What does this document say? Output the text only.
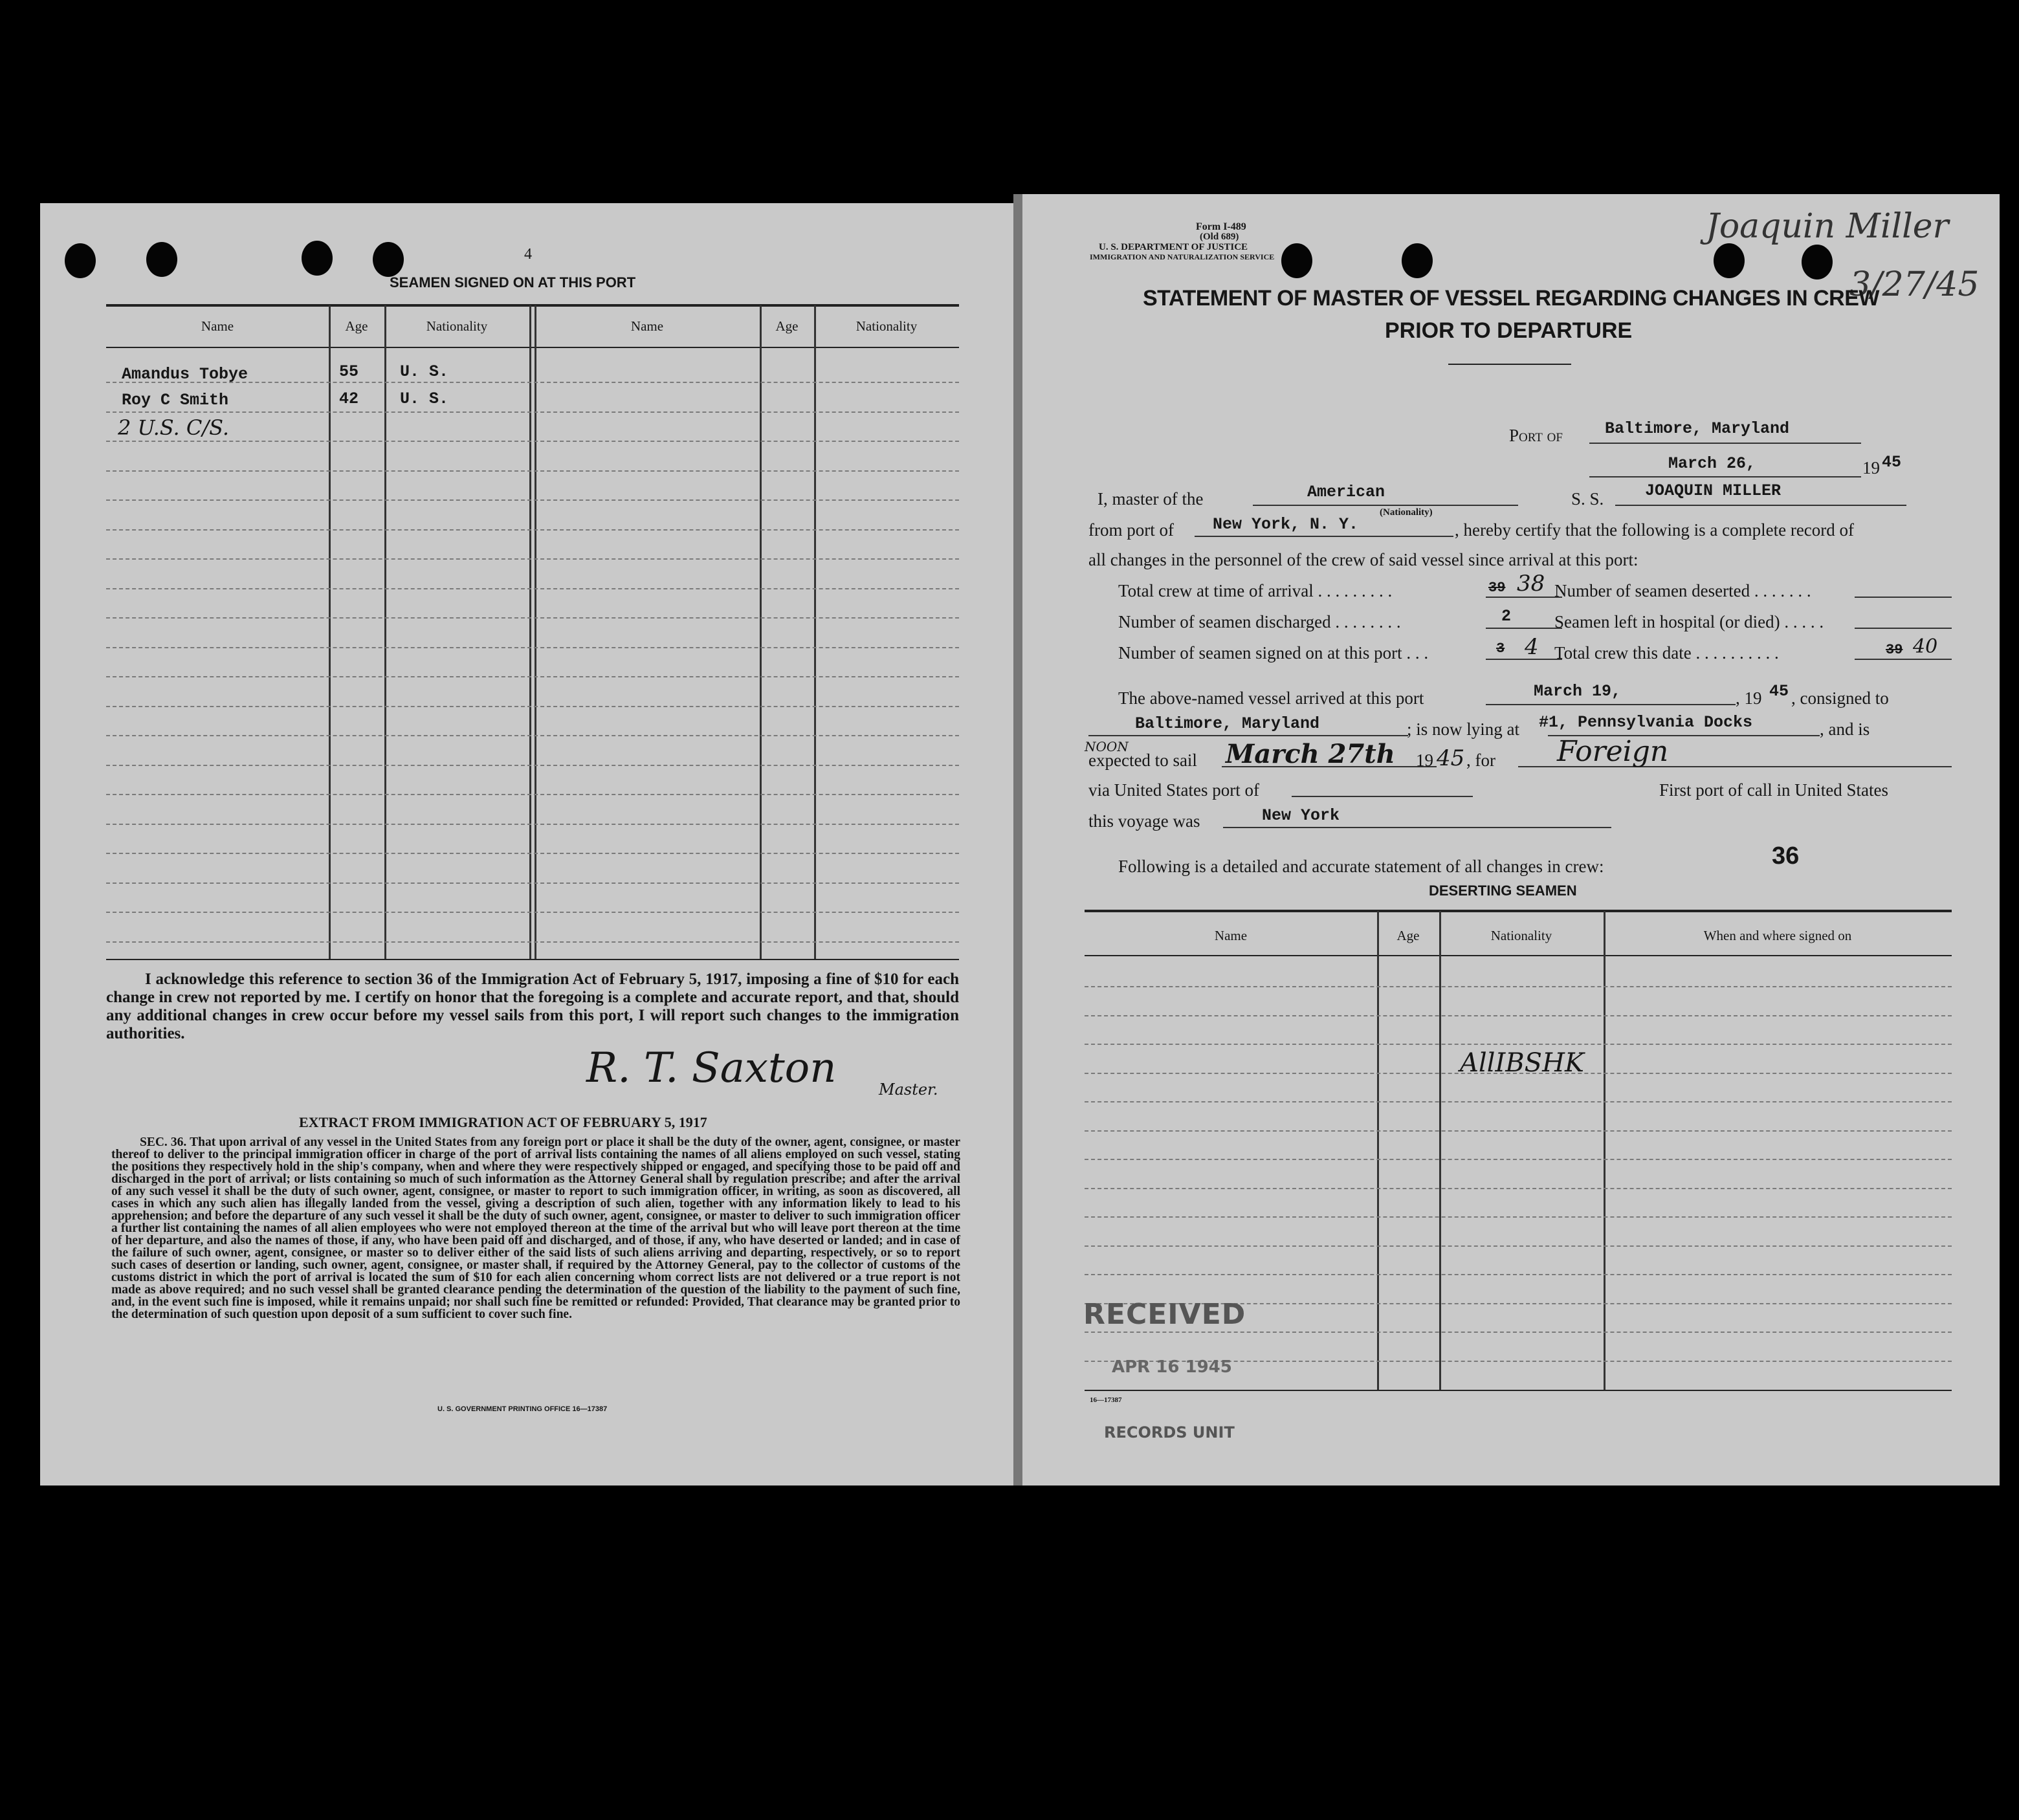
4
SEAMEN SIGNED ON AT THIS PORT
Name	Age	Nationality	Name	Age	Nationality
Amandus Tobye	55	U. S.
Roy C Smith	42	U. S.
2 U.S. C/S.
I acknowledge this reference to section 36 of the Immigration Act of February 5, 1917, imposing a fine of $10 for each change in crew not reported by me. I certify on honor that the foregoing is a complete and accurate report, and that, should any additional changes in crew occur before my vessel sails from this port, I will report such changes to the immigration authorities.
R. T. Saxton	Master.
EXTRACT FROM IMMIGRATION ACT OF FEBRUARY 5, 1917
SEC. 36. That upon arrival of any vessel in the United States from any foreign port or place it shall be the duty of the owner, agent, consignee, or master thereof to deliver to the principal immigration officer in charge of the port of arrival lists containing the names of all aliens employed on such vessel, stating the positions they respectively hold in the ship's company, when and where they were respectively shipped or engaged, and specifying those to be paid off and discharged in the port of arrival; or lists containing so much of such information as the Attorney General shall by regulation prescribe; and after the arrival of any such vessel it shall be the duty of such owner, agent, consignee, or master to report to such immigration officer, in writing, as soon as discovered, all cases in which any such alien has illegally landed from the vessel, giving a description of such alien, together with any information likely to lead to his apprehension; and before the departure of any such vessel it shall be the duty of such owner, agent, consignee, or master to deliver to such immigration officer a further list containing the names of all alien employees who were not employed thereon at the time of the arrival but who will leave port thereon at the time of her departure, and also the names of those, if any, who have been paid off and discharged, and of those, if any, who have deserted or landed; and in case of the failure of such owner, agent, consignee, or master so to deliver either of the said lists of such aliens arriving and departing, respectively, or so to report such cases of desertion or landing, such owner, agent, consignee, or master shall, if required by the Attorney General, pay to the collector of customs of the customs district in which the port of arrival is located the sum of $10 for each alien concerning whom correct lists are not delivered or a true report is not made as above required; and no such vessel shall be granted clearance pending the determination of the question of the liability to the payment of such fine, and, in the event such fine is imposed, while it remains unpaid; nor shall such fine be remitted or refunded: Provided, That clearance may be granted prior to the determination of such question upon deposit of a sum sufficient to cover such fine.
U. S. GOVERNMENT PRINTING OFFICE 16—17387
Form I-489
(Old 689)
U. S. DEPARTMENT OF JUSTICE
IMMIGRATION AND NATURALIZATION SERVICE
Joaquin Miller
3/27/45
STATEMENT OF MASTER OF VESSEL REGARDING CHANGES IN CREW
PRIOR TO DEPARTURE
Port of	Baltimore, Maryland
March 26,	19 45
I, master of the	American
(Nationality)
S. S.	JOAQUIN MILLER
from port of New York, N. Y.	, hereby certify that the following is a complete record of
all changes in the personnel of the crew of said vessel since arrival at this port:
Total crew at time of arrival . . . . . . . . .	39 38 Number of seamen deserted . . . . . . .
Number of seamen discharged . . . . . . . .	2 Seamen left in hospital (or died) . . . . .
Number of seamen signed on at this port . . .	3 4 Total crew this date . . . . . . . . . .	39 40
The above-named vessel arrived at this port	March 19,	, 19 45 , consigned to
Baltimore, Maryland	; is now lying at #1, Pennsylvania Docks	, and is
NOON
expected to sail March 27th 19 45 , for Foreign
via United States port of	First port of call in United States
this voyage was	New York
Following is a detailed and accurate statement of all changes in crew:	36
DESERTING SEAMEN
Name	Age	Nationality	When and where signed on
AllIBSHK
RECEIVED
APR 16 1945
16—17387
RECORDS UNIT
